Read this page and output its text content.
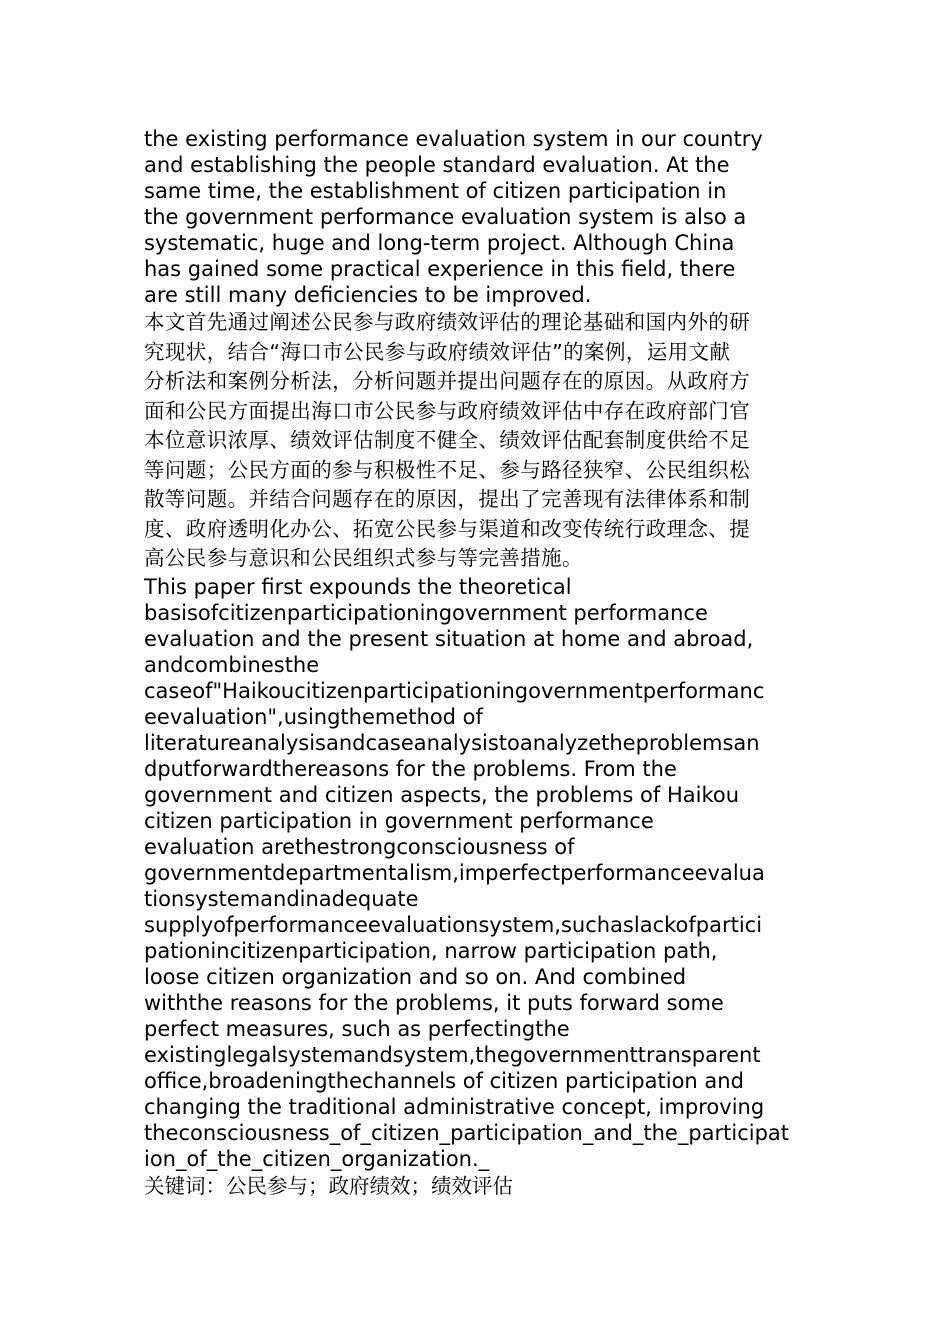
the existing performance evaluation system in our country
and establishing the people standard evaluation. At the
same time, the establishment of citizen participation in
the government performance evaluation system is also a
systematic, huge and long-term project. Although China
has gained some practical experience in this field, there
are still many deficiencies to be improved.

本文首先通过阐述公民参与政府绩效评估的理论基础和国内外的研
究现状，结合“海口市公民参与政府绩效评估”的案例，运用文献
分析法和案例分析法，分析问题并提出问题存在的原因。从政府方
面和公民方面提出海口市公民参与政府绩效评估中存在政府部门官
本位意识浓厚、绩效评估制度不健全、绩效评估配套制度供给不足
等问题；公民方面的参与积极性不足、参与路径狭窄、公民组织松
散等问题。并结合问题存在的原因，提出了完善现有法律体系和制
度、政府透明化办公、拓宽公民参与渠道和改变传统行政理念、提
高公民参与意识和公民组织式参与等完善措施。

This paper first expounds the theoretical
basisofcitizenparticipationingovernment performance
evaluation and the present situation at home and abroad,
andcombinesthe
caseof"Haikoucitizenparticipationingovernmentperformanc
eevaluation",usingthemethod of
literatureanalysisandcaseanalysistoanalyzetheproblemsan
dputforwardthereasons for the problems. From the
government and citizen aspects, the problems of Haikou
citizen participation in government performance
evaluation arethestrongconsciousness of
governmentdepartmentalism,imperfectperformanceevalua
tionsystemandinadequate
supplyofperformanceevaluationsystem,suchaslackofpartici
pationincitizenparticipation, narrow participation path,
loose citizen organization and so on. And combined
withthe reasons for the problems, it puts forward some
perfect measures, such as perfectingthe
existinglegalsystemandsystem,thegovernmenttransparent
office,broadeningthechannels of citizen participation and
changing the traditional administrative concept, improving
theconsciousness_of_citizen_participation_and_the_participat
ion_of_the_citizen_organization._

关键词：公民参与；政府绩效；绩效评估
